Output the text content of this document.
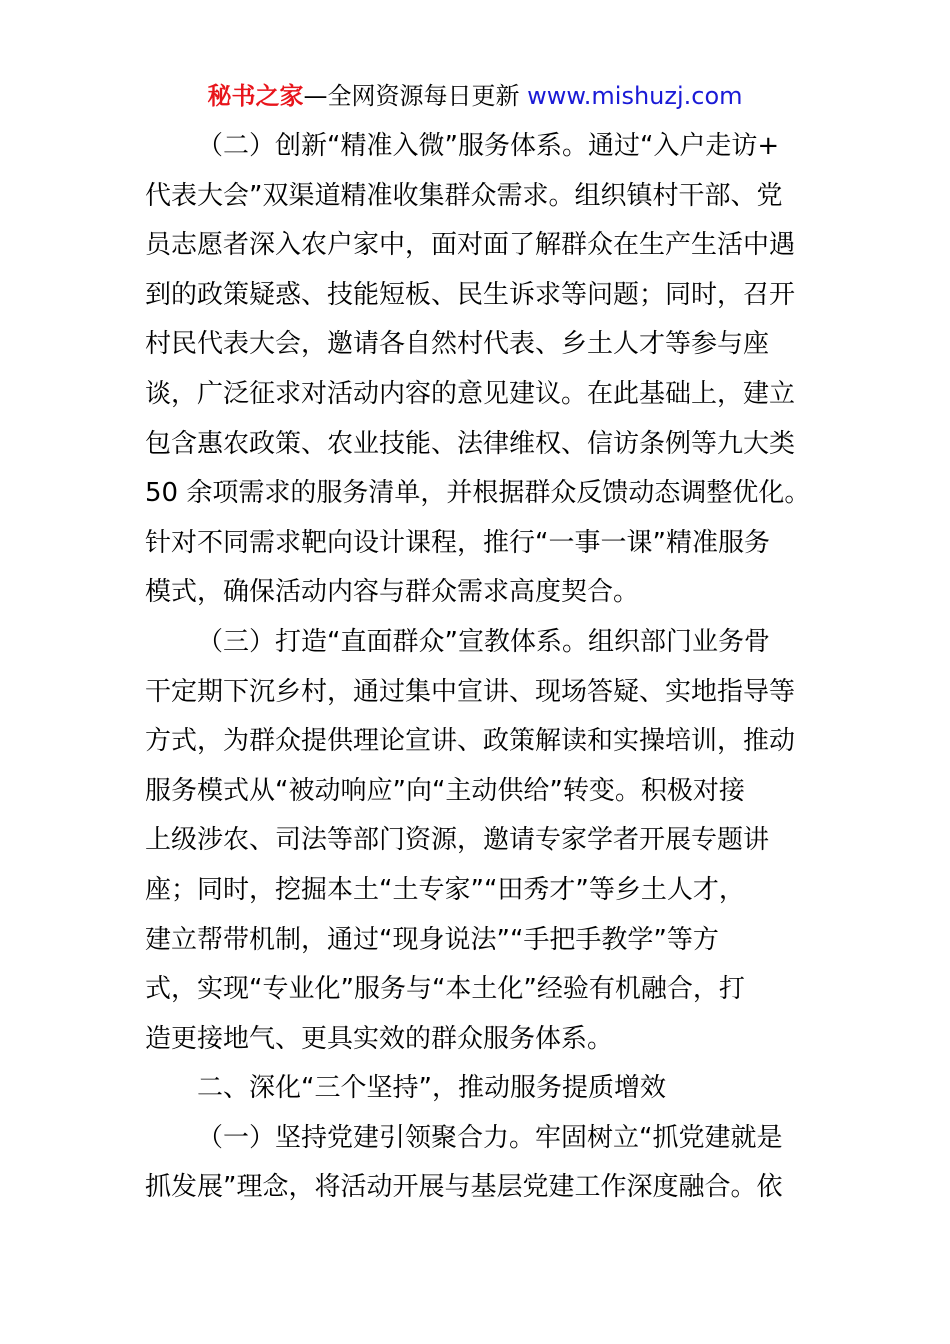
秘书之家—全网资源每日更新 www.mishuzj.com
（二）创新“精准入微”服务体系。通过“入户走访+
代表大会”双渠道精准收集群众需求。组织镇村干部、党
员志愿者深入农户家中，面对面了解群众在生产生活中遇
到的政策疑惑、技能短板、民生诉求等问题；同时，召开
村民代表大会，邀请各自然村代表、乡土人才等参与座
谈，广泛征求对活动内容的意见建议。在此基础上，建立
包含惠农政策、农业技能、法律维权、信访条例等九大类
50 余项需求的服务清单，并根据群众反馈动态调整优化。
针对不同需求靶向设计课程，推行“一事一课”精准服务
模式，确保活动内容与群众需求高度契合。
（三）打造“直面群众”宣教体系。组织部门业务骨
干定期下沉乡村，通过集中宣讲、现场答疑、实地指导等
方式，为群众提供理论宣讲、政策解读和实操培训，推动
服务模式从“被动响应”向“主动供给”转变。积极对接
上级涉农、司法等部门资源，邀请专家学者开展专题讲
座；同时，挖掘本土“土专家”“田秀才”等乡土人才，
建立帮带机制，通过“现身说法”“手把手教学”等方
式，实现“专业化”服务与“本土化”经验有机融合，打
造更接地气、更具实效的群众服务体系。
二、深化“三个坚持”，推动服务提质增效
（一）坚持党建引领聚合力。牢固树立“抓党建就是
抓发展”理念，将活动开展与基层党建工作深度融合。依
